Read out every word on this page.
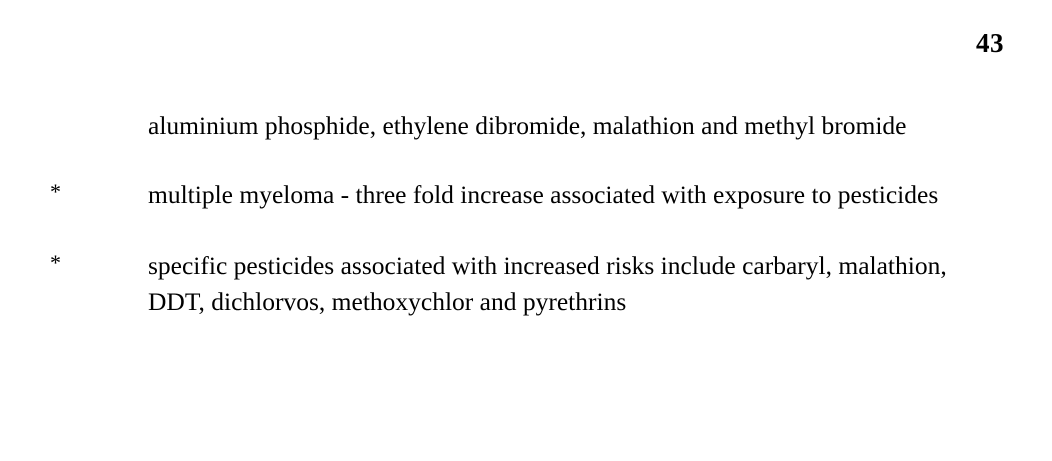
43
aluminium phosphide, ethylene dibromide, malathion and methyl bromide
*	multiple myeloma - three fold increase associated with exposure to pesticides
*	specific pesticides associated with increased risks include carbaryl, malathion, DDT, dichlorvos, methoxychlor and pyrethrins
